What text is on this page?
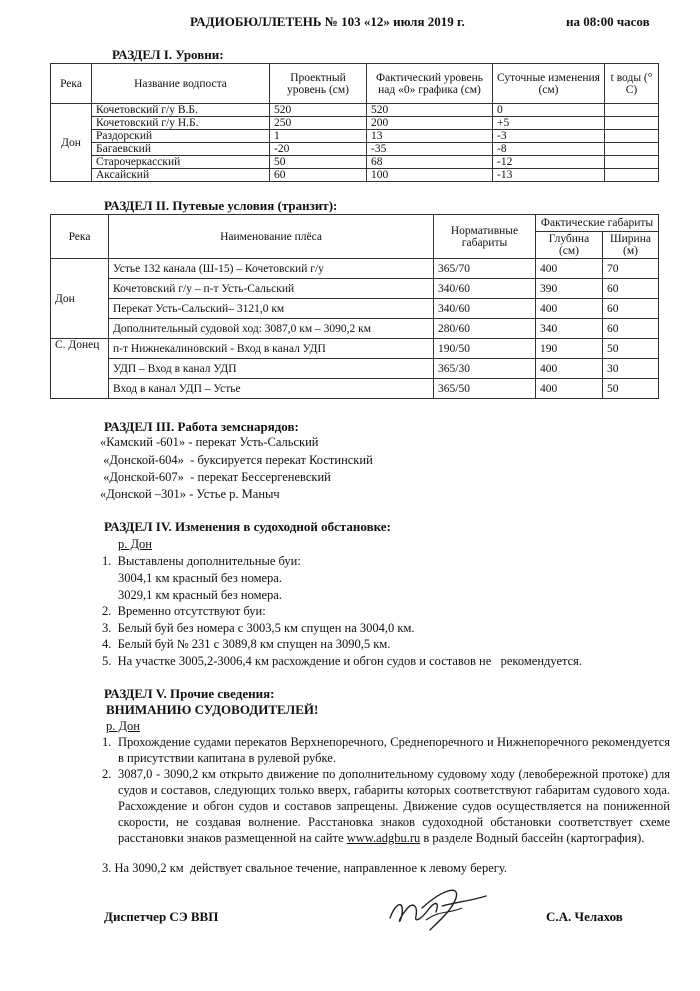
РАДИОБЮЛЛЕТЕНЬ № 103 «12» июля 2019 г.	на 08:00 часов
РАЗДЕЛ I. Уровни:
Река	Название водпоста	Проектный уровень (см)	Фактический уровень над «0» графика (см)	Суточные изменения (см)	t воды (° С)
Дон	Кочетовский г/у В.Б.	520	520	0	
	Кочетовский г/у Н.Б.	250	200	+5	
	Раздорский	1	13	-3	
	Багаевский	-20	-35	-8	
	Старочеркасский	50	68	-12	
	Аксайский	60	100	-13	
РАЗДЕЛ II. Путевые условия (транзит):
Река	Наименование плёса	Нормативные габариты	Фактические габариты	
			Глубина (см)	Ширина (м)
Дон	Устье 132 канала (Ш-15) – Кочетовский г/у	365/70	400	70
	Кочетовский г/у – п-т Усть-Сальский	340/60	390	60
	Перекат Усть-Сальский– 3121,0 км	340/60	400	60
	Дополнительный судовой ход: 3087,0 км – 3090,2 км	280/60	340	60
С. Донец	п-т Нижнекалиновский - Вход в канал УДП	190/50	190	50
	УДП – Вход в канал УДП	365/30	400	30
	Вход в канал УДП – Устье	365/50	400	50
РАЗДЕЛ III. Работа земснарядов:
«Камский -601» - перекат Усть-Сальский
«Донской-604»  - буксируется перекат Костинский
«Донской-607»  - перекат Бессергеневский
«Донской –301» - Устье р. Маныч
РАЗДЕЛ IV. Изменения в судоходной обстановке:
р. Дон
1.  Выставлены дополнительные буи:
3004,1 км красный без номера.
3029,1 км красный без номера.
2.  Временно отсутствуют буи:
3.  Белый буй без номера с 3003,5 км спущен на 3004,0 км.
4.  Белый буй № 231 с 3089,8 км спущен на 3090,5 км.
5.  На участке 3005,2-3006,4 км расхождение и обгон судов и составов не   рекомендуется.
РАЗДЕЛ V. Прочие сведения:
ВНИМАНИЮ СУДОВОДИТЕЛЕЙ!
р. Дон
1. Прохождение судами перекатов Верхнепоречного, Среднепоречного и Нижнепоречного рекомендуется в присутствии капитана в рулевой рубке.
2. 3087,0 - 3090,2 км открыто движение по дополнительному судовому ходу (левобережной протоке) для судов и составов, следующих только вверх, габариты которых соответствуют габаритам судового хода. Расхождение и обгон судов и составов запрещены. Движение судов осуществляется на пониженной скорости, не создавая волнение. Расстановка знаков судоходной обстановки соответствует схеме расстановки знаков размещенной на сайте www.adgbu.ru в разделе Водный бассейн (картография).
3. На 3090,2 км  действует свальное течение, направленное к левому берегу.
Диспетчер СЭ ВВП	С.А. Челахов
